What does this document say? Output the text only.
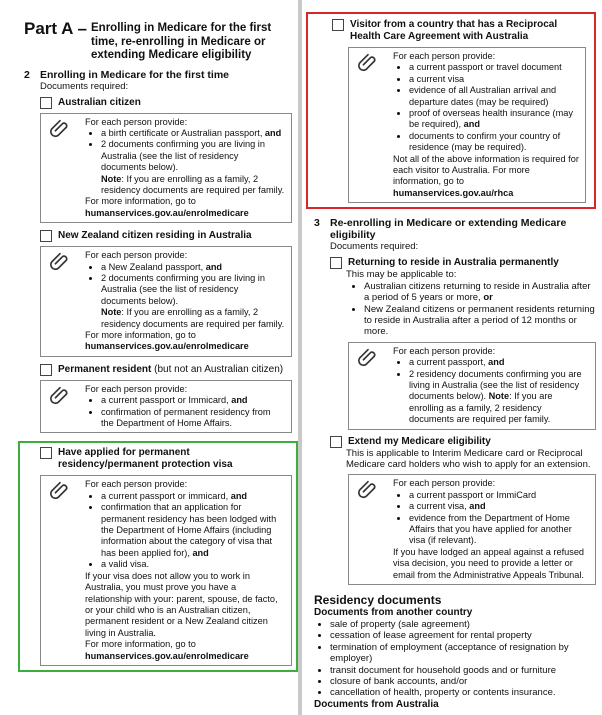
Part A – Enrolling in Medicare for the first time, re-enrolling in Medicare or extending Medicare eligibility
2 Enrolling in Medicare for the first time
Documents required:
Australian citizen
For each person provide:
• a birth certificate or Australian passport, and
• 2 documents confirming you are living in Australia (see the list of residency documents below).
Note: If you are enrolling as a family, 2 residency documents are required per family.
For more information, go to
humanservices.gov.au/enrolmedicare
New Zealand citizen residing in Australia
For each person provide:
• a New Zealand passport, and
• 2 documents confirming you are living in Australia (see the list of residency documents below).
Note: If you are enrolling as a family, 2 residency documents are required per family.
For more information, go to
humanservices.gov.au/enrolmedicare
Permanent resident (but not an Australian citizen)
For each person provide:
• a current passport or Immicard, and
• confirmation of permanent residency from the Department of Home Affairs.
Have applied for permanent residency/permanent protection visa
For each person provide:
• a current passport or immicard, and
• confirmation that an application for permanent residency has been lodged with the Department of Home Affairs (including information about the category of visa that has been applied for), and
• a valid visa.
If your visa does not allow you to work in Australia, you must prove you have a relationship with your: parent, spouse, de facto, or your child who is an Australian citizen, permanent resident or a New Zealand citizen living in Australia.
For more information, go to
humanservices.gov.au/enrolmedicare
Visitor from a country that has a Reciprocal Health Care Agreement with Australia
For each person provide:
• a current passport or travel document
• a current visa
• evidence of all Australian arrival and departure dates (may be required)
• proof of overseas health insurance (may be required), and
• documents to confirm your country of residence (may be required).
Not all of the above information is required for each visitor to Australia. For more information, go to humanservices.gov.au/rhca
3 Re-enrolling in Medicare or extending Medicare eligibility
Documents required:
Returning to reside in Australia permanently
This may be applicable to:
• Australian citizens returning to reside in Australia after a period of 5 years or more, or
• New Zealand citizens or permanent residents returning to reside in Australia after a period of 12 months or more.
For each person provide:
• a current passport, and
• 2 residency documents confirming you are living in Australia (see the list of residency documents below). Note: If you are enrolling as a family, 2 residency documents are required per family.
Extend my Medicare eligibility
This is applicable to Interim Medicare card or Reciprocal Medicare card holders who wish to apply for an extension.
For each person provide:
• a current passport or ImmiCard
• a current visa, and
• evidence from the Department of Home Affairs that you have applied for another visa (if relevant).
If you have lodged an appeal against a refused visa decision, you need to provide a letter or email from the Administrative Appeals Tribunal.
Residency documents
Documents from another country
• sale of property (sale agreement)
• cessation of lease agreement for rental property
• termination of employment (acceptance of resignation by employer)
• transit document for household goods and or furniture
• closure of bank accounts, and/or
• cancellation of health, property or contents insurance.
Documents from Australia
